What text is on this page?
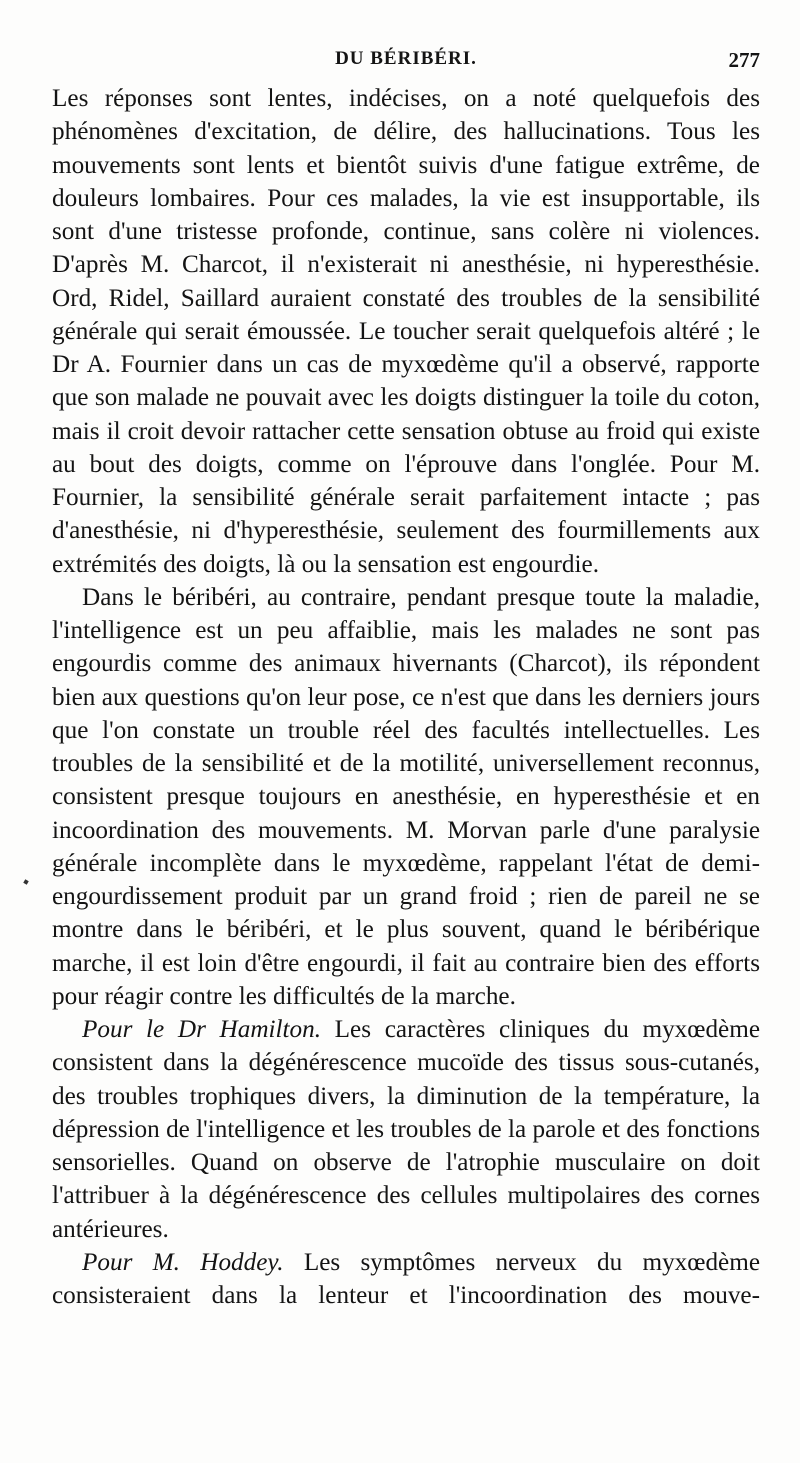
DU BÉRIBÉRI.	277

Les réponses sont lentes, indécises, on a noté quelquefois des phénomènes d'excitation, de délire, des hallucinations. Tous les mouvements sont lents et bientôt suivis d'une fatigue extrême, de douleurs lombaires. Pour ces malades, la vie est insupportable, ils sont d'une tristesse profonde, continue, sans colère ni violences. D'après M. Charcot, il n'existerait ni anesthésie, ni hyperesthésie. Ord, Ridel, Saillard auraient constaté des troubles de la sensibilité générale qui serait émoussée. Le toucher serait quelquefois altéré ; le Dr A. Fournier dans un cas de myxœdème qu'il a observé, rapporte que son malade ne pouvait avec les doigts distinguer la toile du coton, mais il croit devoir rattacher cette sensation obtuse au froid qui existe au bout des doigts, comme on l'éprouve dans l'onglée. Pour M. Fournier, la sensibilité générale serait parfaitement intacte ; pas d'anesthésie, ni d'hyperesthésie, seulement des fourmillements aux extrémités des doigts, là ou la sensation est engourdie.

Dans le béribéri, au contraire, pendant presque toute la maladie, l'intelligence est un peu affaiblie, mais les malades ne sont pas engourdis comme des animaux hivernants (Charcot), ils répondent bien aux questions qu'on leur pose, ce n'est que dans les derniers jours que l'on constate un trouble réel des facultés intellectuelles. Les troubles de la sensibilité et de la motilité, universellement reconnus, consistent presque toujours en anesthésie, en hyperesthésie et en incoordination des mouvements. M. Morvan parle d'une paralysie générale incomplète dans le myxœdème, rappelant l'état de demi-engourdissement produit par un grand froid ; rien de pareil ne se montre dans le béribéri, et le plus souvent, quand le béribérique marche, il est loin d'être engourdi, il fait au contraire bien des efforts pour réagir contre les difficultés de la marche.

Pour le Dr Hamilton. Les caractères cliniques du myxœdème consistent dans la dégénérescence mucoïde des tissus sous-cutanés, des troubles trophiques divers, la diminution de la température, la dépression de l'intelligence et les troubles de la parole et des fonctions sensorielles. Quand on observe de l'atrophie musculaire on doit l'attribuer à la dégénérescence des cellules multipolaires des cornes antérieures.

Pour M. Hoddey. Les symptômes nerveux du myxœdème consisteraient dans la lenteur et l'incoordination des mouve-
